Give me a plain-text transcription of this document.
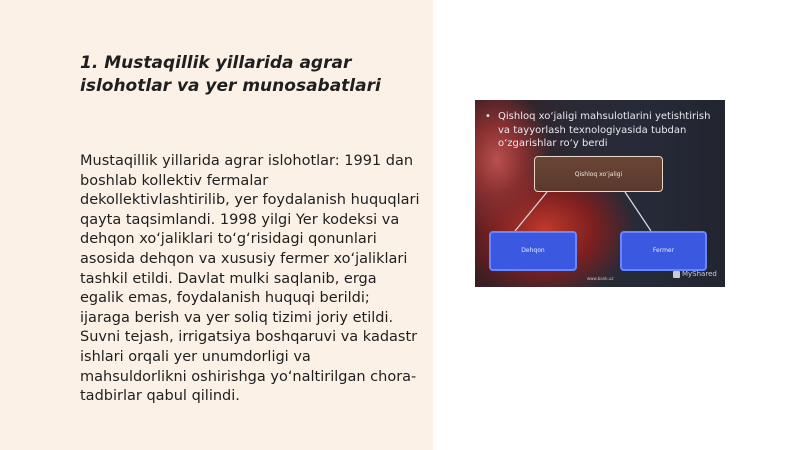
1. Mustaqillik yillarida agrar islohotlar va yer munosabatlari

Mustaqillik yillarida agrar islohotlar: 1991 dan boshlab kollektiv fermalar dekollektivlashtirilib, yer foydalanish huquqlari qayta taqsimlandi. 1998 yilgi Yer kodeksi va dehqon xo‘jaliklari to‘g‘risidagi qonunlari asosida dehqon va xususiy fermer xo‘jaliklari tashkil etildi. Davlat mulki saqlanib, erga egalik emas, foydalanish huquqi berildi; ijaraga berish va yer soliq tizimi joriy etildi. Suvni tejash, irrigatsiya boshqaruvi va kadastr ishlari orqali yer unumdorligi va mahsuldorlikni oshirishga yo‘naltirilgan chora-tadbirlar qabul qilindi.

• Qishloq xo‘jaligi mahsulotlarini yetishtirish va tayyorlash texnologiyasida tubdan o‘zgarishlar ro‘y berdi

Qishloq xo‘jaligi
Dehqon	Fermer
www.bank.uz
MyShared
